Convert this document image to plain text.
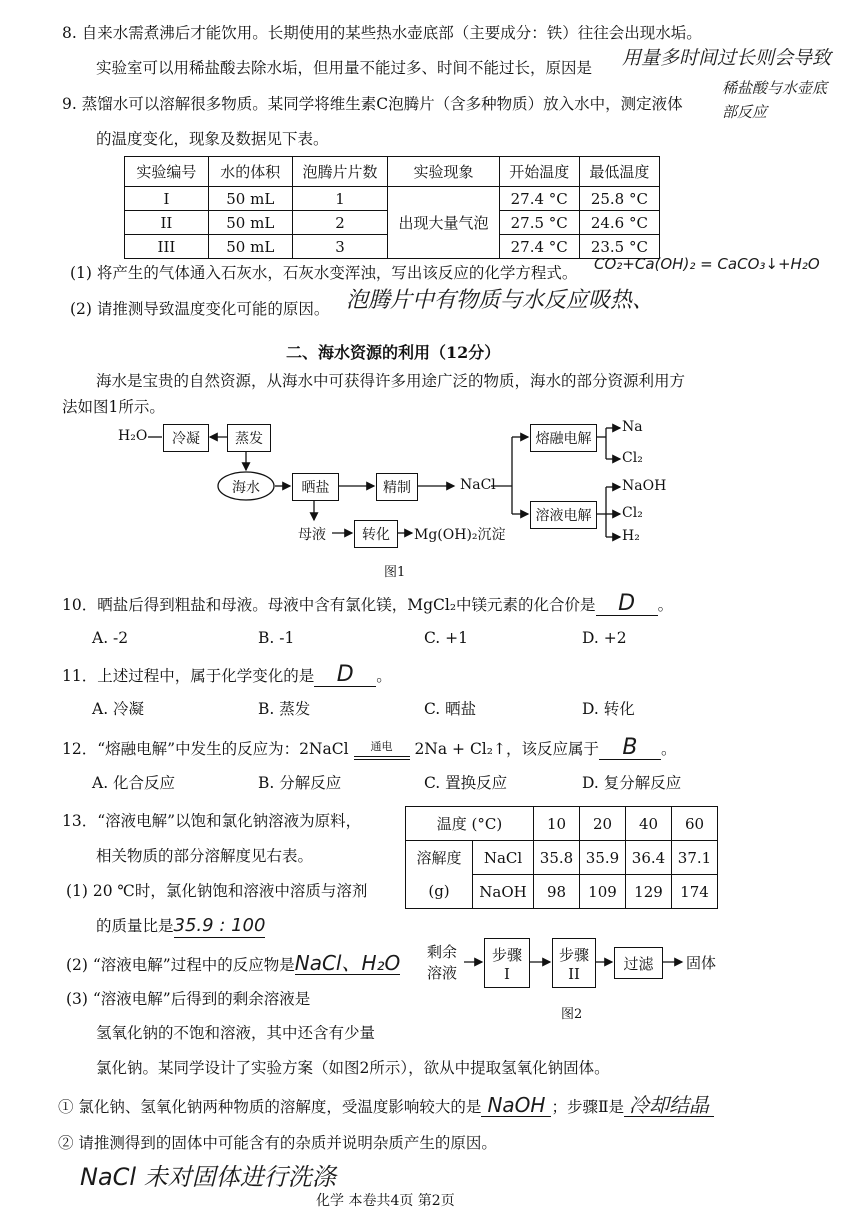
8. 自来水需煮沸后才能饮用。长期使用的某些热水壶底部（主要成分：铁）往往会出现水垢。
实验室可以用稀盐酸去除水垢，但用量不能过多、时间不能过长，原因是 用量多时间过长则会导致
稀盐酸与水壶底
部反应
9. 蒸馏水可以溶解很多物质。某同学将维生素C泡腾片（含多种物质）放入水中，测定液体
的温度变化，现象及数据见下表。
实验编号	水的体积	泡腾片片数	实验现象	开始温度	最低温度
I	50 mL	1	出现大量气泡	27.4 °C	25.8 °C
II	50 mL	2		27.5 °C	24.6 °C
III	50 mL	3		27.4 °C	23.5 °C
(1) 将产生的气体通入石灰水，石灰水变浑浊，写出该反应的化学方程式。 CO₂+Ca(OH)₂ = CaCO₃↓+H₂O
(2) 请推测导致温度变化可能的原因。 泡腾片中有物质与水反应吸热、
二、海水资源的利用（12分）
海水是宝贵的自然资源，从海水中可获得许多用途广泛的物质，海水的部分资源利用方
法如图1所示。
H₂O 冷凝	蒸发
海水	晒盐	精制	NaCl
熔融电解
Na
Cl₂
溶液电解
NaOH
Cl₂
H₂
母液	转化 Mg(OH)₂沉淀
图1
10．晒盐后得到粗盐和母液。母液中含有氯化镁，MgCl₂中镁元素的化合价是 D 。
A. -2	B. -1	C. +1	D. +2
11．上述过程中，属于化学变化的是 D 。
A. 冷凝	B. 蒸发	C. 晒盐	D. 转化
12．“熔融电解”中发生的反应为：2NaCl	通电	2Na + Cl₂↑，该反应属于 B 。
A. 化合反应	B. 分解反应	C. 置换反应	D. 复分解反应
13．“溶液电解”以饱和氯化钠溶液为原料，
相关物质的部分溶解度见右表。
(1) 20 ℃时，氯化钠饱和溶液中溶质与溶剂
的质量比是35.9 : 100
(2) “溶液电解”过程中的反应物是NaCl、H₂O
(3) “溶液电解”后得到的剩余溶液是
氢氧化钠的不饱和溶液，其中还含有少量
氯化钠。某同学设计了实验方案（如图2所示），欲从中提取氢氧化钠固体。
① 氯化钠、氢氧化钠两种物质的溶解度，受温度影响较大的是 NaOH ；步骤Ⅱ是 冷却结晶
② 请推测得到的固体中可能含有的杂质并说明杂质产生的原因。
NaCl 未对固体进行洗涤
温度 (°C)		10	20	40	60
溶解度	NaCl	35.8	35.9	36.4	37.1
(g)	NaOH	98	109	129	174
剩余
溶液
步骤
I
步骤
II
过滤 固体
图2
化学 本卷共4页 第2页
